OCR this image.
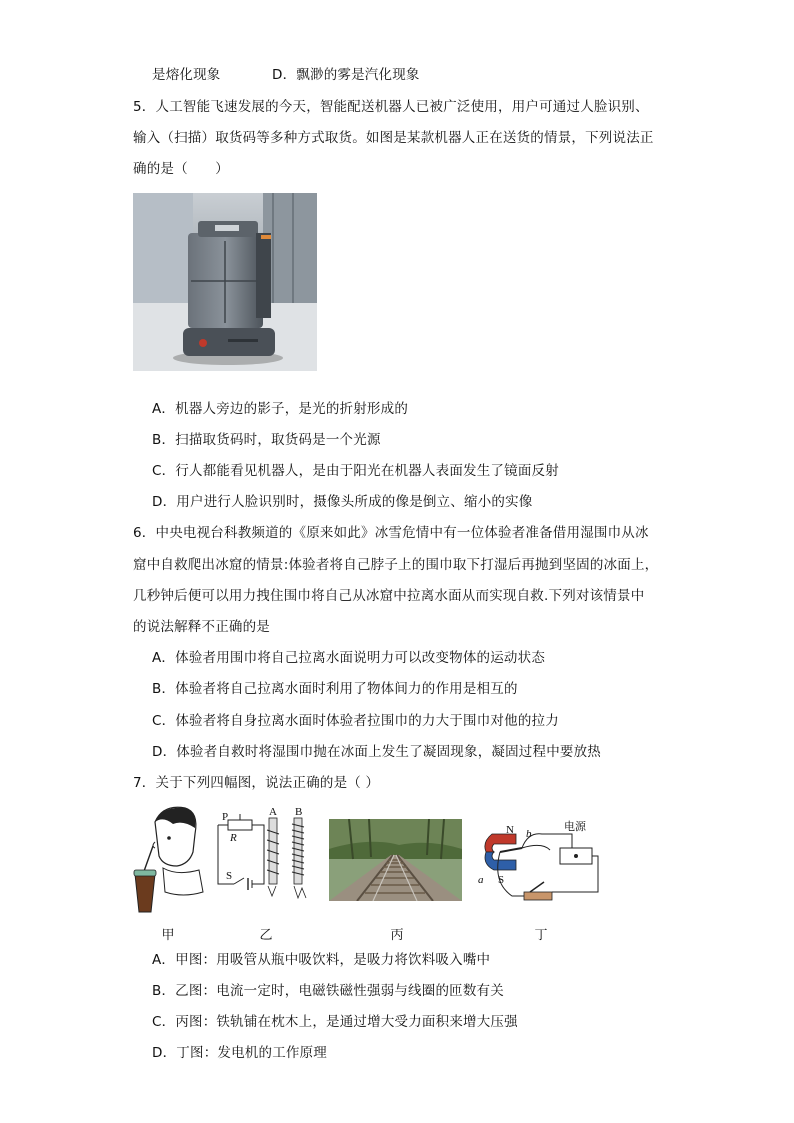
是熔化现象	D．飘渺的雾是汽化现象
5．人工智能飞速发展的今天，智能配送机器人已被广泛使用，用户可通过人脸识别、
输入（扫描）取货码等多种方式取货。如图是某款机器人正在送货的情景，下列说法正
确的是（　　）
A．机器人旁边的影子，是光的折射形成的
B．扫描取货码时，取货码是一个光源
C．行人都能看见机器人，是由于阳光在机器人表面发生了镜面反射
D．用户进行人脸识别时，摄像头所成的像是倒立、缩小的实像
6．中央电视台科教频道的《原来如此》冰雪危情中有一位体验者准备借用湿围巾从冰
窟中自救爬出冰窟的情景:体验者将自己脖子上的围巾取下打湿后再抛到坚固的冰面上，
几秒钟后便可以用力拽住围巾将自己从冰窟中拉离水面从而实现自救.下列对该情景中
的说法解释不正确的是
A．体验者用围巾将自己拉离水面说明力可以改变物体的运动状态
B．体验者将自己拉离水面时利用了物体间力的作用是相互的
C．体验者将自身拉离水面时体验者拉围巾的力大于围巾对他的拉力
D．体验者自救时将湿围巾抛在冰面上发生了凝固现象，凝固过程中要放热
7．关于下列四幅图，说法正确的是（ ）
P
R
S
A B
N b
a S
电源
甲	乙	丙	丁
A．甲图：用吸管从瓶中吸饮料，是吸力将饮料吸入嘴中
B．乙图：电流一定时，电磁铁磁性强弱与线圈的匝数有关
C．丙图：铁轨铺在枕木上，是通过增大受力面积来增大压强
D．丁图：发电机的工作原理
